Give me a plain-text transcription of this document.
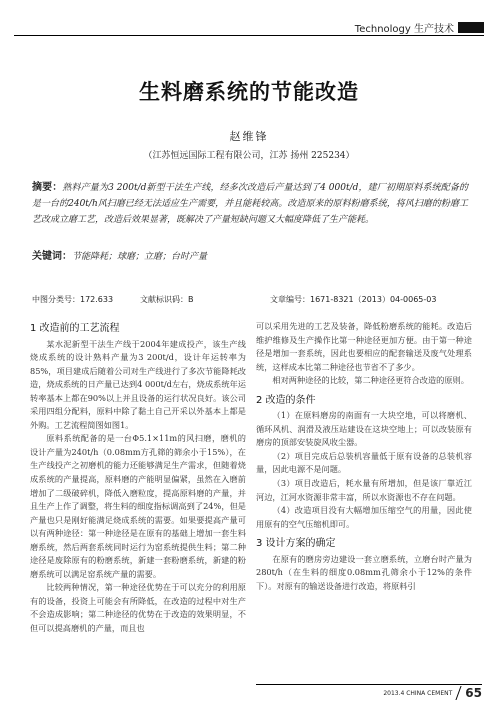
Technology 生产技术
生料磨系统的节能改造
赵维锋
（江苏恒远国际工程有限公司，江苏 扬州 225234）
摘要：熟料产量为3 200t/d新型干法生产线，经多次改造后产量达到了4 000t/d，建厂初期原料系统配备的是一台的240t/h风扫磨已经无法适应生产需要，并且能耗较高。改造原来的原料粉磨系统，将风扫磨的粉磨工艺改成立磨工艺，改造后效果显著，既解决了产量短缺问题又大幅度降低了生产能耗。
关键词：节能降耗；球磨；立磨；台时产量
中图分类号：172.633	文献标识码：B	文章编号：1671-8321（2013）04-0065-03
1 改造前的工艺流程

某水泥新型干法生产线于2004年建成投产，该生产线烧成系统的设计熟料产量为3 200t/d，设计年运转率为85%，项目建成后随着公司对生产线进行了多次节能降耗改造，烧成系统的日产量已达到4 000t/d左右，烧成系统年运转率基本上都在90%以上并且设备的运行状况良好。该公司采用四组分配料，原料中除了黏土自己开采以外基本上都是外购。工艺流程简图如图1。

原料系统配备的是一台Φ5.1×11m的风扫磨，磨机的设计产量为240t/h（0.08mm方孔筛的筛余小于15%），在生产线投产之初磨机的能力还能够满足生产需求，但随着烧成系统的产量提高，原料磨的产能明显偏紧，虽然在入磨前增加了二级破碎机，降低入磨粒度，提高原料磨的产量，并且生产上作了调整，将生料的细度指标调高到了24%，但是产量也只是刚好能满足烧成系统的需要。如果要提高产量可以有两种途径：第一种途径是在原有的基础上增加一套生料磨系统，然后两套系统同时运行为窑系统提供生料；第二种途径是废除原有的粉磨系统，新建一套粉磨系统，新建的粉磨系统可以满足窑系统产量的需要。

比较两种情况，第一种途径优势在于可以充分的利用原有的设备，投资上可能会有所降低，在改造的过程中对生产不会造成影响；第二种途径的优势在于改造的效果明显，不但可以提高磨机的产量，而且也

可以采用先进的工艺及装备，降低粉磨系统的能耗。改造后维护维修及生产操作比第一种途径更加方便。由于第一种途径是增加一套系统，因此也要相应的配套输送及废气处理系统，这样成本比第二种途径也节省不了多少。

相对两种途径的比较，第二种途径更符合改造的原则。

2 改造的条件

（1）在原料磨房的南面有一大块空地，可以将磨机、循环风机、润滑及液压站建设在这块空地上；可以改装原有磨房的顶部安装旋风收尘器。

（2）项目完成后总装机容量低于原有设备的总装机容量，因此电源不是问题。

（3）项目改造后，耗水量有所增加，但是该厂靠近江河边，江河水资源非常丰富，所以水资源也不存在问题。

（4）改造项目没有大幅增加压缩空气的用量，因此使用原有的空气压缩机即可。

3 设计方案的确定

在原有的磨房旁边建设一套立磨系统，立磨台时产量为280t/h（在生料的细度0.08mm孔筛余小于12%的条件下）。对原有的输送设备进行改造，将原料引

2013.4 CHINA CEMENT 65
